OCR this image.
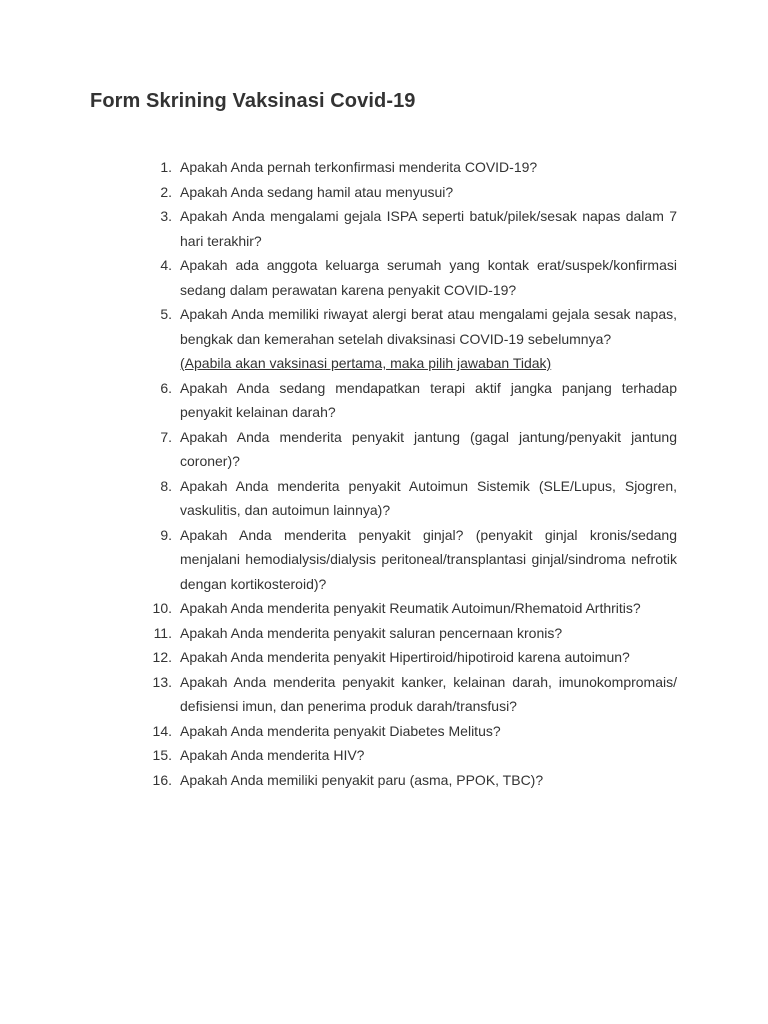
Form Skrining Vaksinasi Covid-19
1. Apakah Anda pernah terkonfirmasi menderita COVID-19?
2. Apakah Anda sedang hamil atau menyusui?
3. Apakah Anda mengalami gejala ISPA seperti batuk/pilek/sesak napas dalam 7 hari terakhir?
4. Apakah ada anggota keluarga serumah yang kontak erat/suspek/konfirmasi sedang dalam perawatan karena penyakit COVID-19?
5. Apakah Anda memiliki riwayat alergi berat atau mengalami gejala sesak napas, bengkak dan kemerahan setelah divaksinasi COVID-19 sebelumnya?
(Apabila akan vaksinasi pertama, maka pilih jawaban Tidak)
6. Apakah Anda sedang mendapatkan terapi aktif jangka panjang terhadap penyakit kelainan darah?
7. Apakah Anda menderita penyakit jantung (gagal jantung/penyakit jantung coroner)?
8. Apakah Anda menderita penyakit Autoimun Sistemik (SLE/Lupus, Sjogren, vaskulitis, dan autoimun lainnya)?
9. Apakah Anda menderita penyakit ginjal? (penyakit ginjal kronis/sedang menjalani hemodialysis/dialysis peritoneal/transplantasi ginjal/sindroma nefrotik dengan kortikosteroid)?
10. Apakah Anda menderita penyakit Reumatik Autoimun/Rhematoid Arthritis?
11. Apakah Anda menderita penyakit saluran pencernaan kronis?
12. Apakah Anda menderita penyakit Hipertiroid/hipotiroid karena autoimun?
13. Apakah Anda menderita penyakit kanker, kelainan darah, imunokompromais/ defisiensi imun, dan penerima produk darah/transfusi?
14. Apakah Anda menderita penyakit Diabetes Melitus?
15. Apakah Anda menderita HIV?
16. Apakah Anda memiliki penyakit paru (asma, PPOK, TBC)?
